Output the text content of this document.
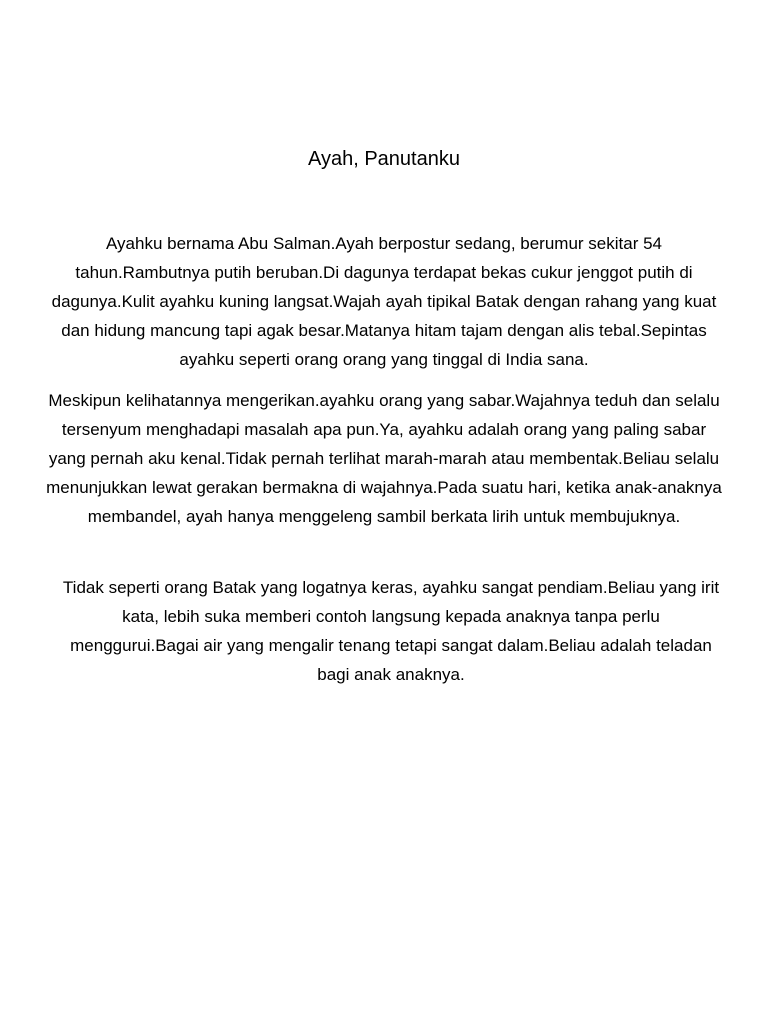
Ayah, Panutanku

Ayahku bernama Abu Salman.Ayah berpostur sedang, berumur sekitar 54 tahun.Rambutnya putih beruban.Di dagunya terdapat bekas cukur jenggot putih di dagunya.Kulit ayahku kuning langsat.Wajah ayah tipikal Batak dengan rahang yang kuat dan hidung mancung tapi agak besar.Matanya hitam tajam dengan alis tebal.Sepintas ayahku seperti orang orang yang tinggal di India sana.

Meskipun kelihatannya mengerikan.ayahku orang yang sabar.Wajahnya teduh dan selalu tersenyum menghadapi masalah apa pun.Ya, ayahku adalah orang yang paling sabar yang pernah aku kenal.Tidak pernah terlihat marah-marah atau membentak.Beliau selalu menunjukkan lewat gerakan bermakna di wajahnya.Pada suatu hari, ketika anak-anaknya membandel, ayah hanya menggeleng sambil berkata lirih untuk membujuknya.

Tidak seperti orang Batak yang logatnya keras, ayahku sangat pendiam.Beliau yang irit kata, lebih suka memberi contoh langsung kepada anaknya tanpa perlu menggurui.Bagai air yang mengalir tenang tetapi sangat dalam.Beliau adalah teladan bagi anak anaknya.
